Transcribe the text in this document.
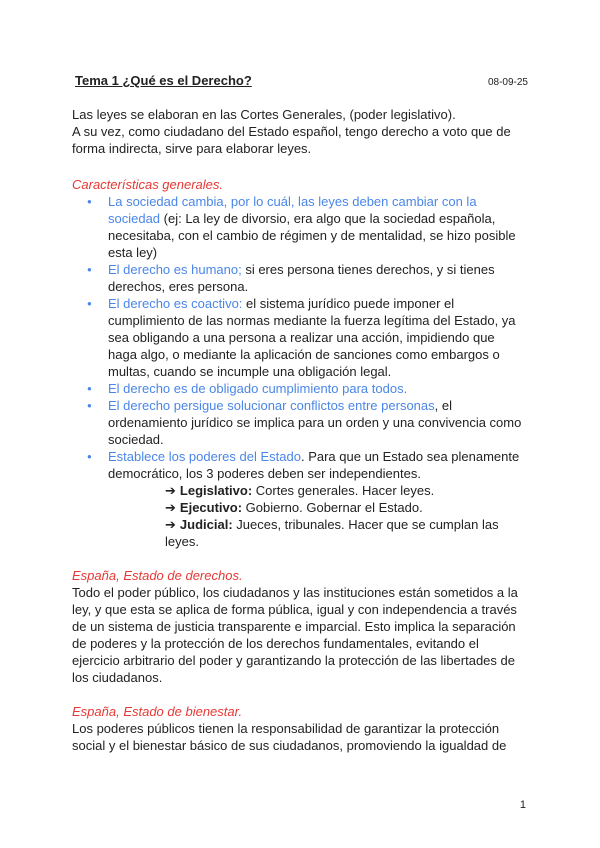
Tema 1 ¿Qué es el Derecho?	08-09-25

Las leyes se elaboran en las Cortes Generales, (poder legislativo).

A su vez, como ciudadano del Estado español, tengo derecho a voto que de forma indirecta, sirve para elaborar leyes.

Características generales.

● La sociedad cambia, por lo cuál, las leyes deben cambiar con la sociedad (ej: La ley de divorsio, era algo que la sociedad española, necesitaba, con el cambio de régimen y de mentalidad, se hizo posible esta ley)
● El derecho es humano; si eres persona tienes derechos, y si tienes derechos, eres persona.
● El derecho es coactivo: el sistema jurídico puede imponer el cumplimiento de las normas mediante la fuerza legítima del Estado, ya sea obligando a una persona a realizar una acción, impidiendo que haga algo, o mediante la aplicación de sanciones como embargos o multas, cuando se incumple una obligación legal.
● El derecho es de obligado cumplimiento para todos.
● El derecho persigue solucionar conflictos entre personas, el ordenamiento jurídico se implica para un orden y una convivencia como sociedad.
● Establece los poderes del Estado. Para que un Estado sea plenamente democrático, los 3 poderes deben ser independientes.
➔ Legislativo: Cortes generales. Hacer leyes.
➔ Ejecutivo: Gobierno. Gobernar el Estado.
➔ Judicial: Jueces, tribunales. Hacer que se cumplan las leyes.

España, Estado de derechos.

Todo el poder público, los ciudadanos y las instituciones están sometidos a la ley, y que esta se aplica de forma pública, igual y con independencia a través de un sistema de justicia transparente e imparcial. Esto implica la separación de poderes y la protección de los derechos fundamentales, evitando el ejercicio arbitrario del poder y garantizando la protección de las libertades de los ciudadanos.

España, Estado de bienestar.

Los poderes públicos tienen la responsabilidad de garantizar la protección social y el bienestar básico de sus ciudadanos, promoviendo la igualdad de

1
